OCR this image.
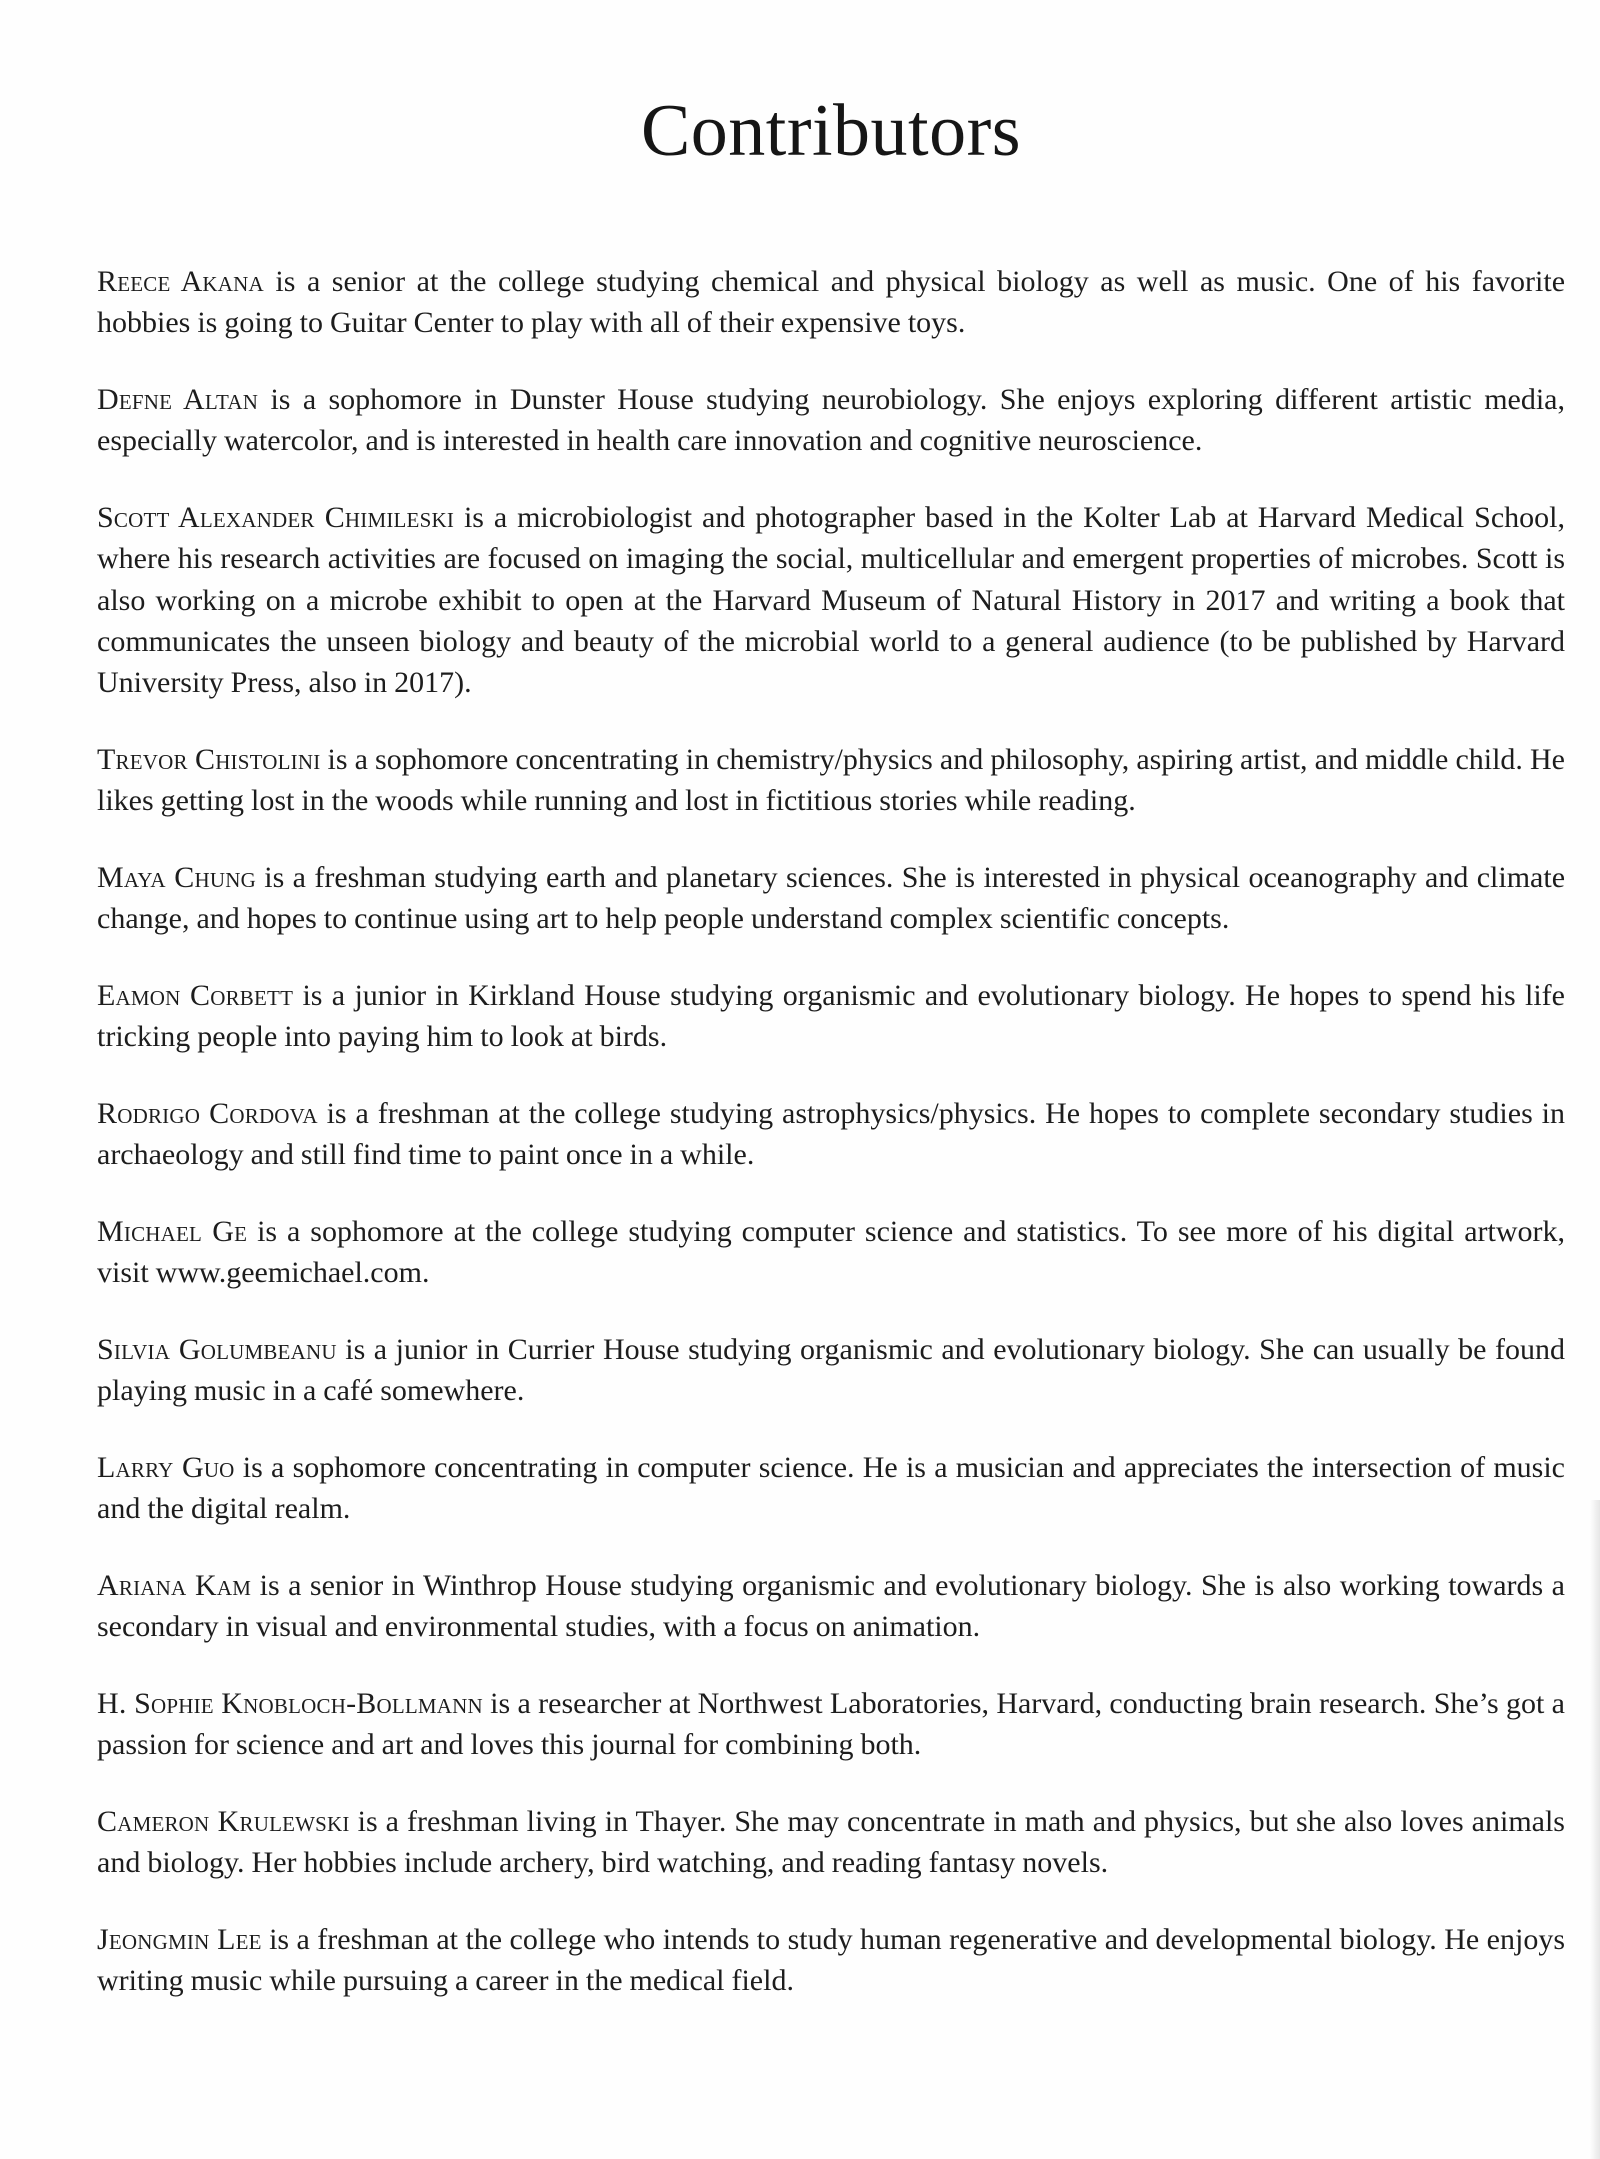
Contributors

Reece Akana is a senior at the college studying chemical and physical biology as well as music. One of his favorite hobbies is going to Guitar Center to play with all of their expensive toys.

Defne Altan is a sophomore in Dunster House studying neurobiology. She enjoys exploring different artistic media, especially watercolor, and is interested in health care innovation and cognitive neuroscience.

Scott Alexander Chimileski is a microbiologist and photographer based in the Kolter Lab at Harvard Medical School, where his research activities are focused on imaging the social, multicellular and emergent properties of microbes. Scott is also working on a microbe exhibit to open at the Harvard Museum of Natural History in 2017 and writing a book that communicates the unseen biology and beauty of the microbial world to a general audience (to be published by Harvard University Press, also in 2017).

Trevor Chistolini is a sophomore concentrating in chemistry/physics and philosophy, aspiring artist, and middle child. He likes getting lost in the woods while running and lost in fictitious stories while reading.

Maya Chung is a freshman studying earth and planetary sciences. She is interested in physical oceanography and climate change, and hopes to continue using art to help people understand complex scientific concepts.

Eamon Corbett is a junior in Kirkland House studying organismic and evolutionary biology. He hopes to spend his life tricking people into paying him to look at birds.

Rodrigo Cordova is a freshman at the college studying astrophysics/physics. He hopes to complete secondary studies in archaeology and still find time to paint once in a while.

Michael Ge is a sophomore at the college studying computer science and statistics. To see more of his digital artwork, visit www.geemichael.com.

Silvia Golumbeanu is a junior in Currier House studying organismic and evolutionary biology. She can usually be found playing music in a café somewhere.

Larry Guo is a sophomore concentrating in computer science. He is a musician and appreciates the intersection of music and the digital realm.

Ariana Kam is a senior in Winthrop House studying organismic and evolutionary biology. She is also working towards a secondary in visual and environmental studies, with a focus on animation.

H. Sophie Knobloch-Bollmann is a researcher at Northwest Laboratories, Harvard, conducting brain research. She’s got a passion for science and art and loves this journal for combining both.

Cameron Krulewski is a freshman living in Thayer. She may concentrate in math and physics, but she also loves animals and biology. Her hobbies include archery, bird watching, and reading fantasy novels.

Jeongmin Lee is a freshman at the college who intends to study human regenerative and developmental biology. He enjoys writing music while pursuing a career in the medical field.
